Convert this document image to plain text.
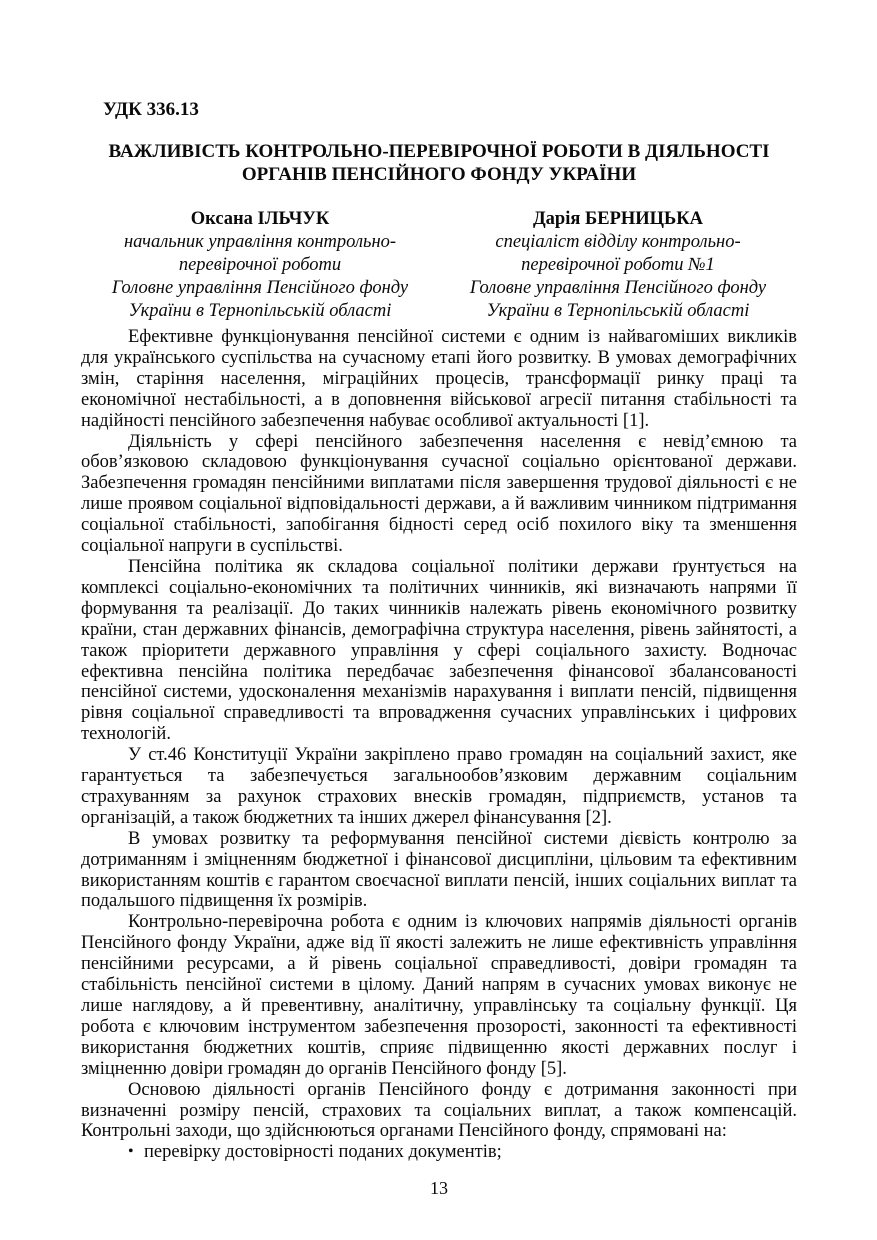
УДК 336.13
ВАЖЛИВІСТЬ КОНТРОЛЬНО-ПЕРЕВІРОЧНОЇ РОБОТИ В ДІЯЛЬНОСТІ ОРГАНІВ ПЕНСІЙНОГО ФОНДУ УКРАЇНИ
Оксана ІЛЬЧУК
начальник управління контрольно-перевірочної роботи
Головне управління Пенсійного фонду України в Тернопільській області
Дарія БЕРНИЦЬКА
спеціаліст відділу контрольно-перевірочної роботи №1
Головне управління Пенсійного фонду України в Тернопільській області

Ефективне функціонування пенсійної системи є одним із найвагоміших викликів для українського суспільства на сучасному етапі його розвитку. В умовах демографічних змін, старіння населення, міграційних процесів, трансформації ринку праці та економічної нестабільності, а в доповнення військової агресії питання стабільності та надійності пенсійного забезпечення набуває особливої актуальності [1].

Діяльність у сфері пенсійного забезпечення населення є невід’ємною та обов’язковою складовою функціонування сучасної соціально орієнтованої держави. Забезпечення громадян пенсійними виплатами після завершення трудової діяльності є не лише проявом соціальної відповідальності держави, а й важливим чинником підтримання соціальної стабільності, запобігання бідності серед осіб похилого віку та зменшення соціальної напруги в суспільстві.

Пенсійна політика як складова соціальної політики держави ґрунтується на комплексі соціально-економічних та політичних чинників, які визначають напрями її формування та реалізації. До таких чинників належать рівень економічного розвитку країни, стан державних фінансів, демографічна структура населення, рівень зайнятості, а також пріоритети державного управління у сфері соціального захисту. Водночас ефективна пенсійна політика передбачає забезпечення фінансової збалансованості пенсійної системи, удосконалення механізмів нарахування і виплати пенсій, підвищення рівня соціальної справедливості та впровадження сучасних управлінських і цифрових технологій.

У ст.46 Конституції України закріплено право громадян на соціальний захист, яке гарантується та забезпечується загальнообов’язковим державним соціальним страхуванням за рахунок страхових внесків громадян, підприємств, установ та організацій, а також бюджетних та інших джерел фінансування [2].

В умовах розвитку та реформування пенсійної системи дієвість контролю за дотриманням і зміцненням бюджетної і фінансової дисципліни, цільовим та ефективним використанням коштів є гарантом своєчасної виплати пенсій, інших соціальних виплат та подальшого підвищення їх розмірів.

Контрольно-перевірочна робота є одним із ключових напрямів діяльності органів Пенсійного фонду України, адже від її якості залежить не лише ефективність управління пенсійними ресурсами, а й рівень соціальної справедливості, довіри громадян та стабільність пенсійної системи в цілому. Даний напрям в сучасних умовах виконує не лише наглядову, а й превентивну, аналітичну, управлінську та соціальну функції. Ця робота є ключовим інструментом забезпечення прозорості, законності та ефективності використання бюджетних коштів, сприяє підвищенню якості державних послуг і зміцненню довіри громадян до органів Пенсійного фонду [5].

Основою діяльності органів Пенсійного фонду є дотримання законності при визначенні розміру пенсій, страхових та соціальних виплат, а також компенсацій. Контрольні заходи, що здійснюються органами Пенсійного фонду, спрямовані на:

• перевірку достовірності поданих документів;
13
